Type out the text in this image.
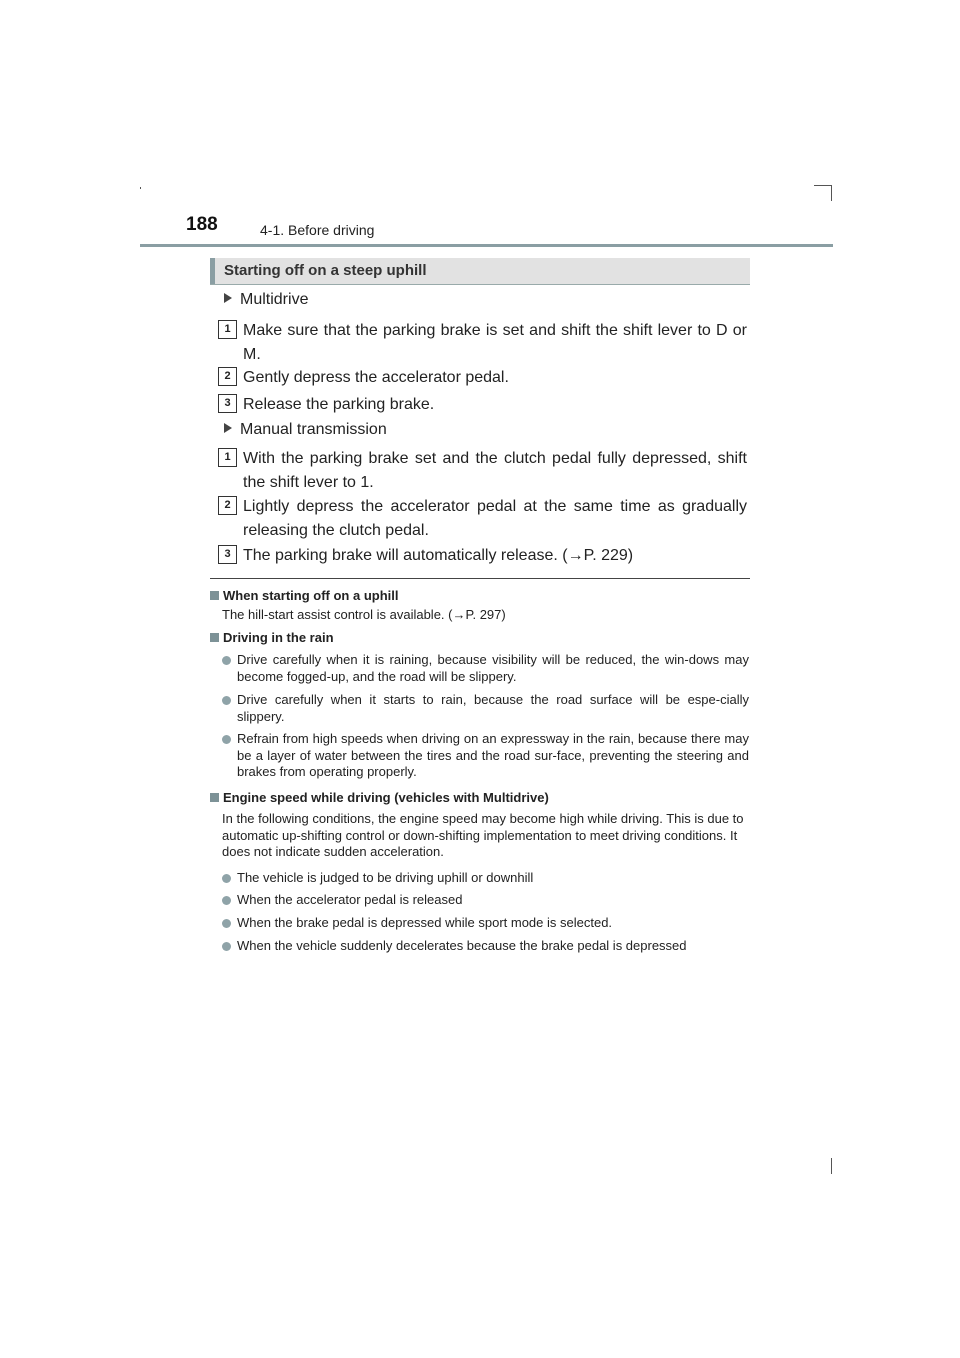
188	4-1. Before driving
Starting off on a steep uphill
Multidrive
1 Make sure that the parking brake is set and shift the shift lever to D or M.
2 Gently depress the accelerator pedal.
3 Release the parking brake.
Manual transmission
1 With the parking brake set and the clutch pedal fully depressed, shift the shift lever to 1.
2 Lightly depress the accelerator pedal at the same time as gradually releasing the clutch pedal.
3 The parking brake will automatically release. (→P. 229)
When starting off on a uphill
The hill-start assist control is available. (→P. 297)
Driving in the rain
Drive carefully when it is raining, because visibility will be reduced, the win-dows may become fogged-up, and the road will be slippery.
Drive carefully when it starts to rain, because the road surface will be espe-cially slippery.
Refrain from high speeds when driving on an expressway in the rain, because there may be a layer of water between the tires and the road sur-face, preventing the steering and brakes from operating properly.
Engine speed while driving (vehicles with Multidrive)
In the following conditions, the engine speed may become high while driving. This is due to automatic up-shifting control or down-shifting implementation to meet driving conditions. It does not indicate sudden acceleration.
The vehicle is judged to be driving uphill or downhill
When the accelerator pedal is released
When the brake pedal is depressed while sport mode is selected.
When the vehicle suddenly decelerates because the brake pedal is depressed
